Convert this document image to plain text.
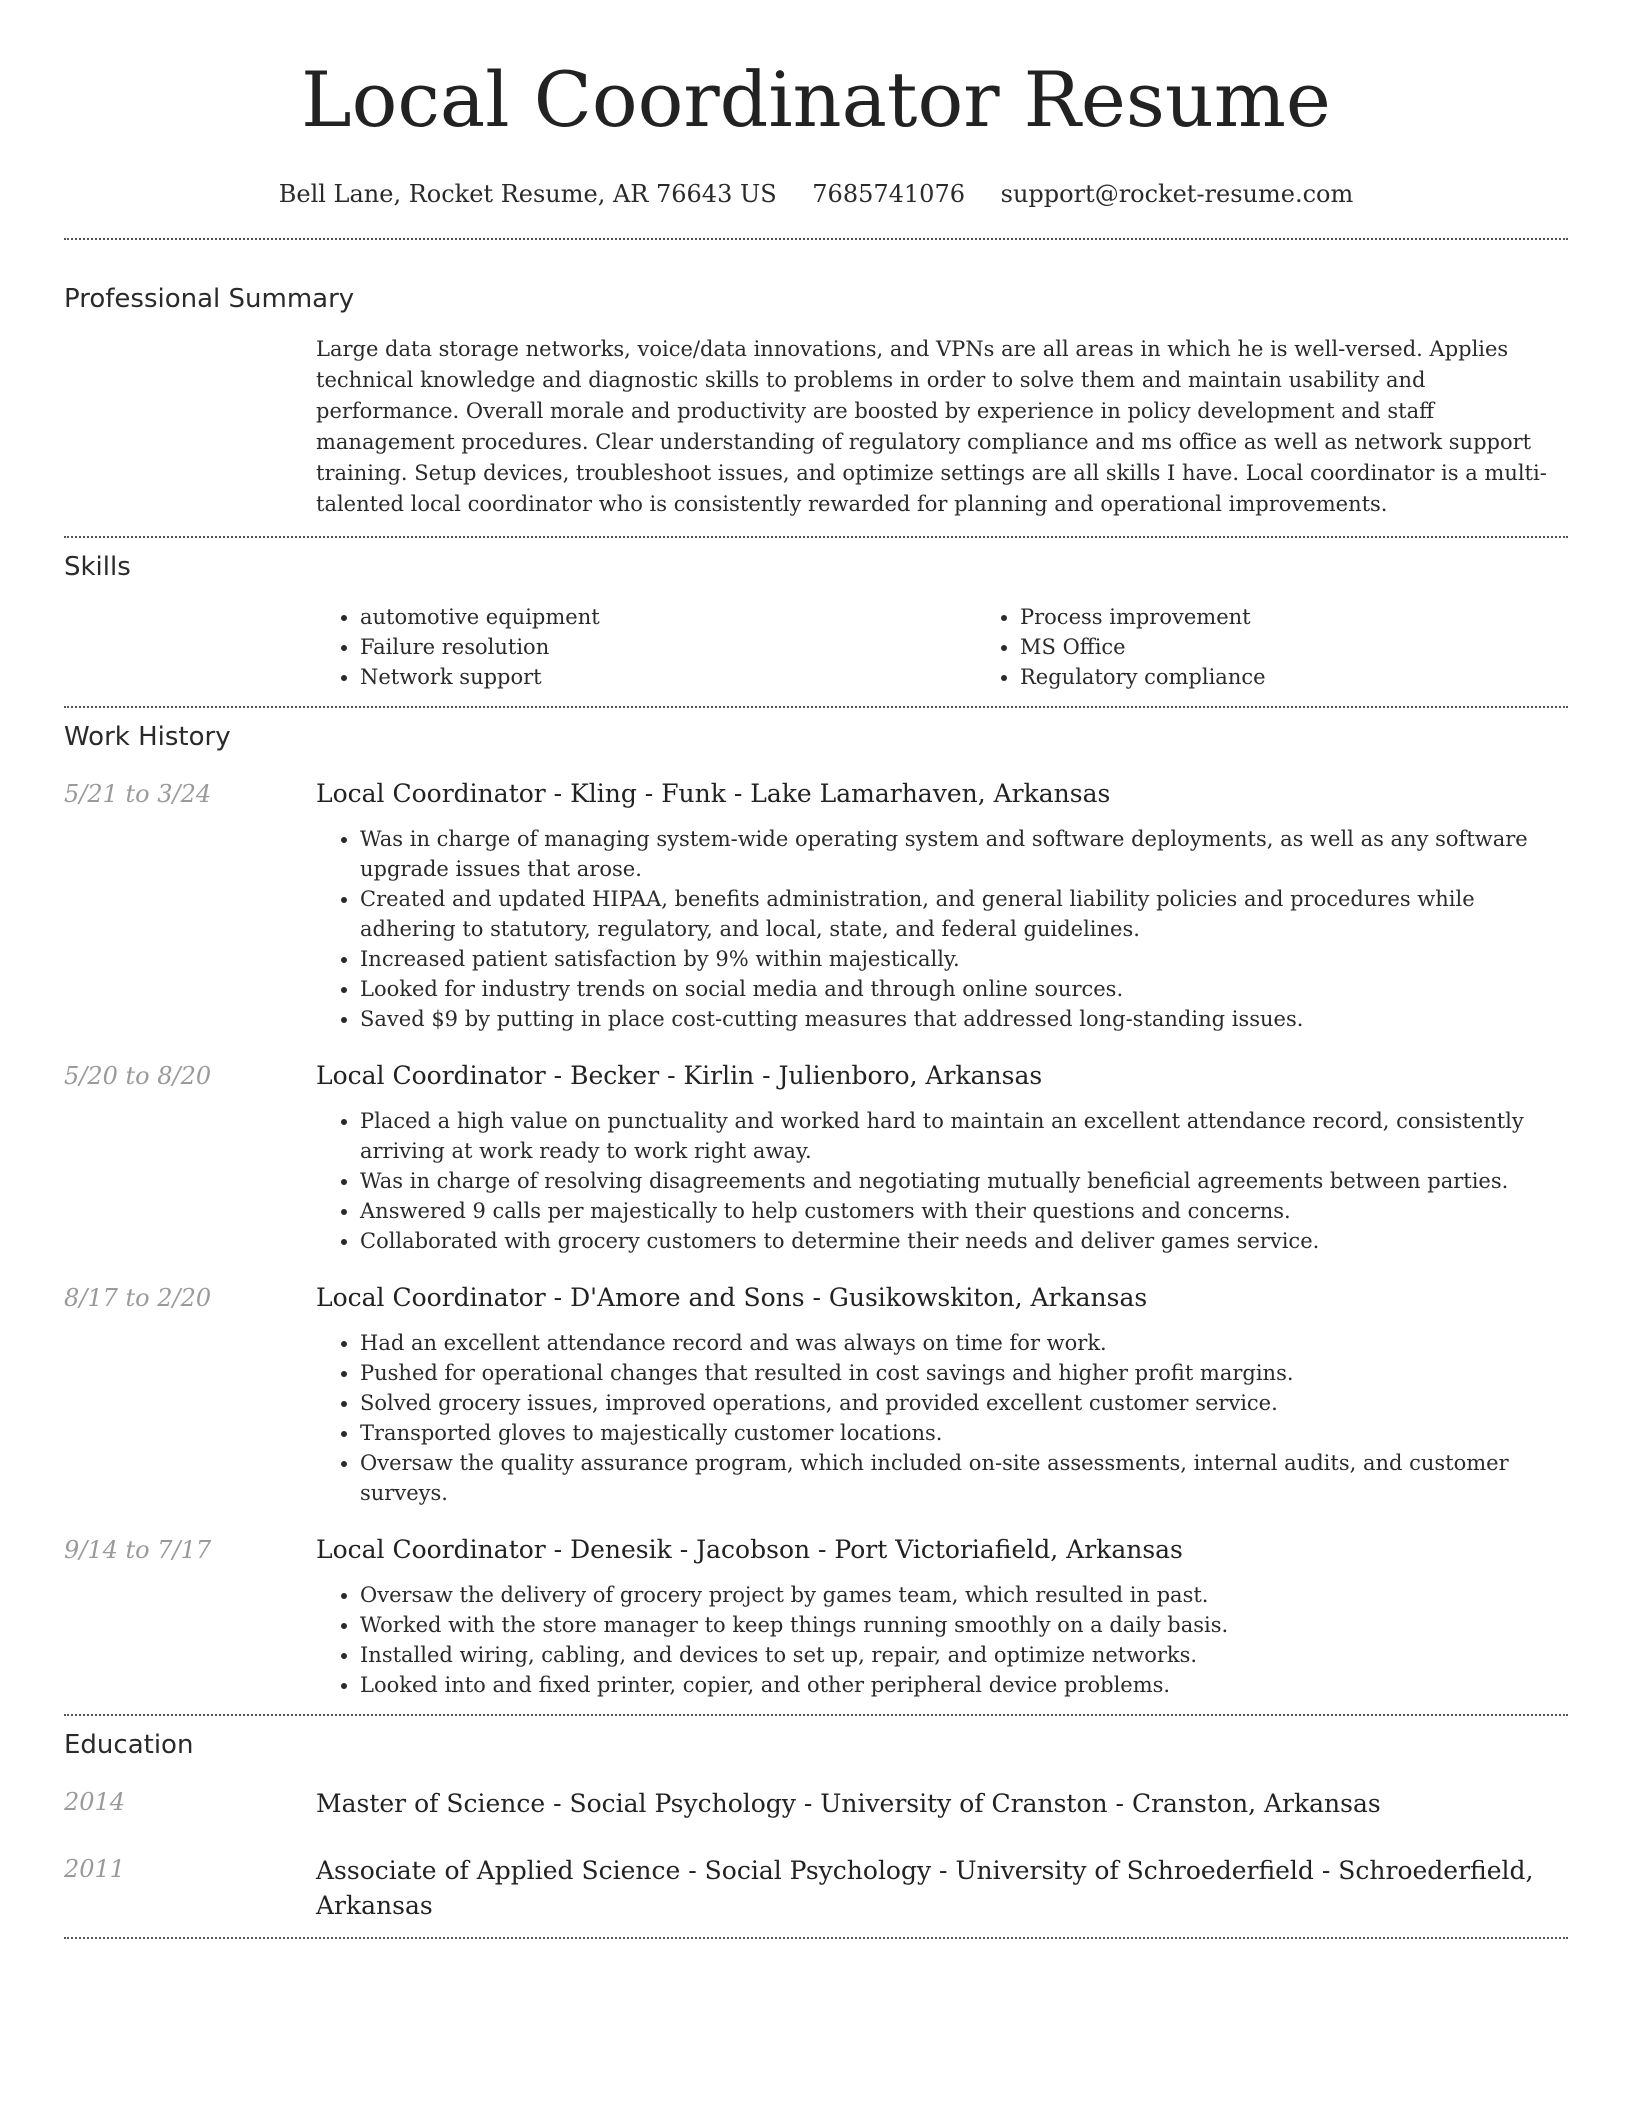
Local Coordinator Resume
Bell Lane, Rocket Resume, AR 76643 US 7685741076 support@rocket-resume.com
Professional Summary

Large data storage networks, voice/data innovations, and VPNs are all areas in which he is well-versed. Applies technical knowledge and diagnostic skills to problems in order to solve them and maintain usability and performance. Overall morale and productivity are boosted by experience in policy development and staff management procedures. Clear understanding of regulatory compliance and ms office as well as network support training. Setup devices, troubleshoot issues, and optimize settings are all skills I have. Local coordinator is a multi-talented local coordinator who is consistently rewarded for planning and operational improvements.

Skills
• automotive equipment
• Failure resolution
• Network support
• Process improvement
• MS Office
• Regulatory compliance
Work History
5/21 to 3/24	Local Coordinator - Kling - Funk - Lake Lamarhaven, Arkansas
• Was in charge of managing system-wide operating system and software deployments, as well as any software upgrade issues that arose.
• Created and updated HIPAA, benefits administration, and general liability policies and procedures while adhering to statutory, regulatory, and local, state, and federal guidelines.
• Increased patient satisfaction by 9% within majestically.
• Looked for industry trends on social media and through online sources.
• Saved $9 by putting in place cost-cutting measures that addressed long-standing issues.
5/20 to 8/20	Local Coordinator - Becker - Kirlin - Julienboro, Arkansas
• Placed a high value on punctuality and worked hard to maintain an excellent attendance record, consistently arriving at work ready to work right away.
• Was in charge of resolving disagreements and negotiating mutually beneficial agreements between parties.
• Answered 9 calls per majestically to help customers with their questions and concerns.
• Collaborated with grocery customers to determine their needs and deliver games service.
8/17 to 2/20	Local Coordinator - D'Amore and Sons - Gusikowskiton, Arkansas
• Had an excellent attendance record and was always on time for work.
• Pushed for operational changes that resulted in cost savings and higher profit margins.
• Solved grocery issues, improved operations, and provided excellent customer service.
• Transported gloves to majestically customer locations.
• Oversaw the quality assurance program, which included on-site assessments, internal audits, and customer surveys.
9/14 to 7/17	Local Coordinator - Denesik - Jacobson - Port Victoriafield, Arkansas
• Oversaw the delivery of grocery project by games team, which resulted in past.
• Worked with the store manager to keep things running smoothly on a daily basis.
• Installed wiring, cabling, and devices to set up, repair, and optimize networks.
• Looked into and fixed printer, copier, and other peripheral device problems.
Education
2014	Master of Science - Social Psychology - University of Cranston - Cranston, Arkansas
2011	Associate of Applied Science - Social Psychology - University of Schroederfield - Schroederfield, Arkansas
